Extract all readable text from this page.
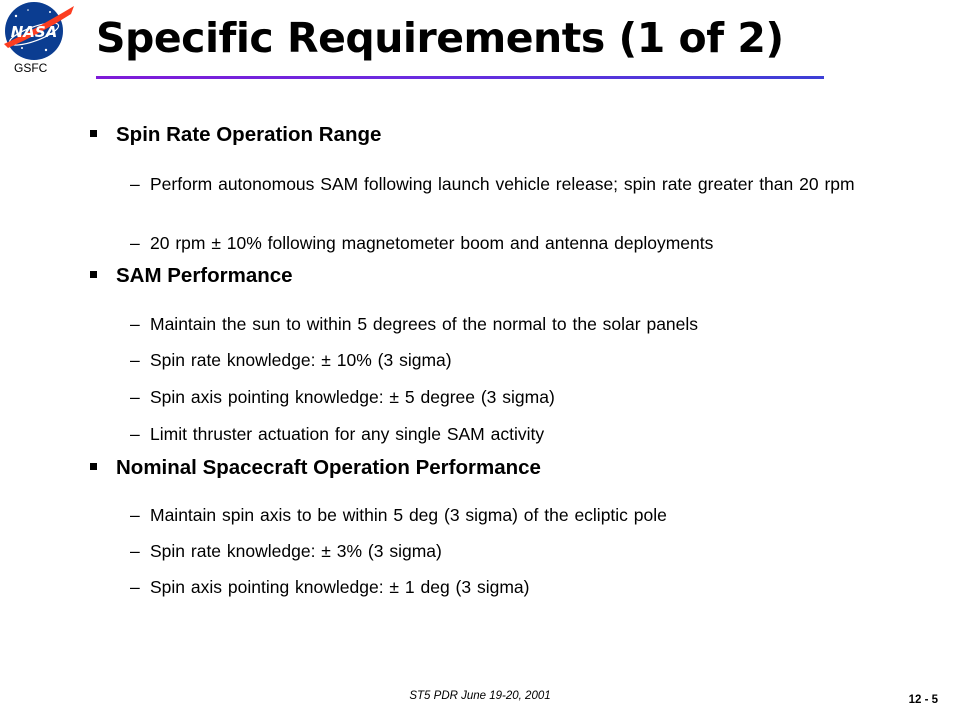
NASA
GSFC
Specific Requirements (1 of 2)
Spin Rate Operation Range
– Perform autonomous SAM following launch vehicle release; spin rate greater than 20 rpm
– 20 rpm ± 10% following magnetometer boom and antenna deployments
SAM Performance
– Maintain the sun to within 5 degrees of the normal to the solar panels
– Spin rate knowledge: ± 10% (3 sigma)
– Spin axis pointing knowledge: ± 5 degree (3 sigma)
– Limit thruster actuation for any single SAM activity
Nominal Spacecraft Operation Performance
– Maintain spin axis to be within 5 deg (3 sigma) of the ecliptic pole
– Spin rate knowledge: ± 3% (3 sigma)
– Spin axis pointing knowledge: ± 1 deg (3 sigma)
ST5 PDR June 19-20, 2001	12 - 5
